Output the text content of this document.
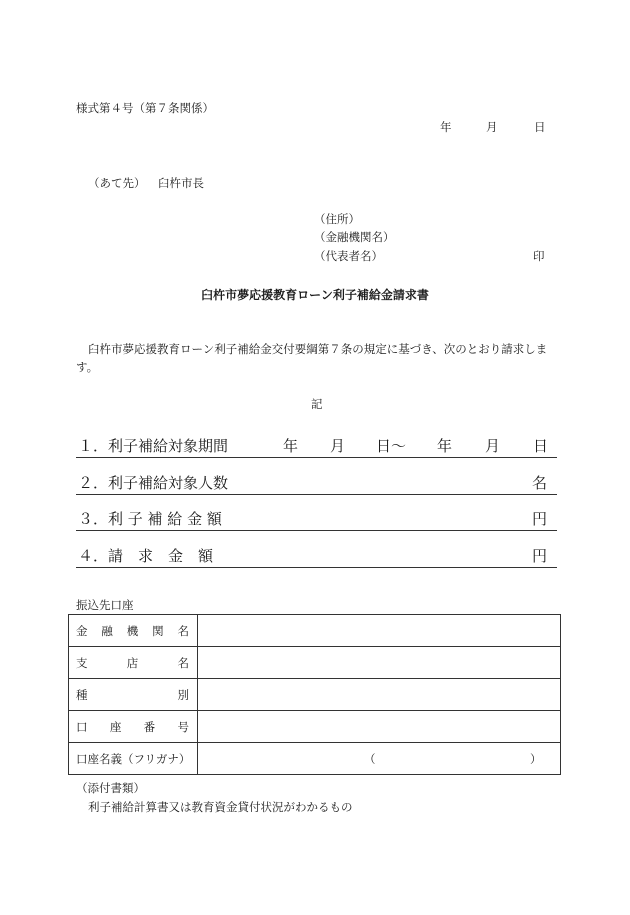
様式第４号（第７条関係）
年	月	日
（あて先） 臼杵市長
（住所）
（金融機関名）
（代表者名）	印
臼杵市夢応援教育ローン利子補給金請求書
臼杵市夢応援教育ローン利子補給金交付要綱第７条の規定に基づき、次のとおり請求しま
す。
記
１．利子補給対象期間	年 月 日～ 年 月 日
２．利子補給対象人数	名
３．利 子 補 給 金 額	円
４．請　求　金　額	円
振込先口座
金 融 機 関 名	

支 店 名	

種 別	

口 座 番 号	

口座名義（フリガナ）	（ ）
（添付書類）
利子補給計算書又は教育資金貸付状況がわかるもの
